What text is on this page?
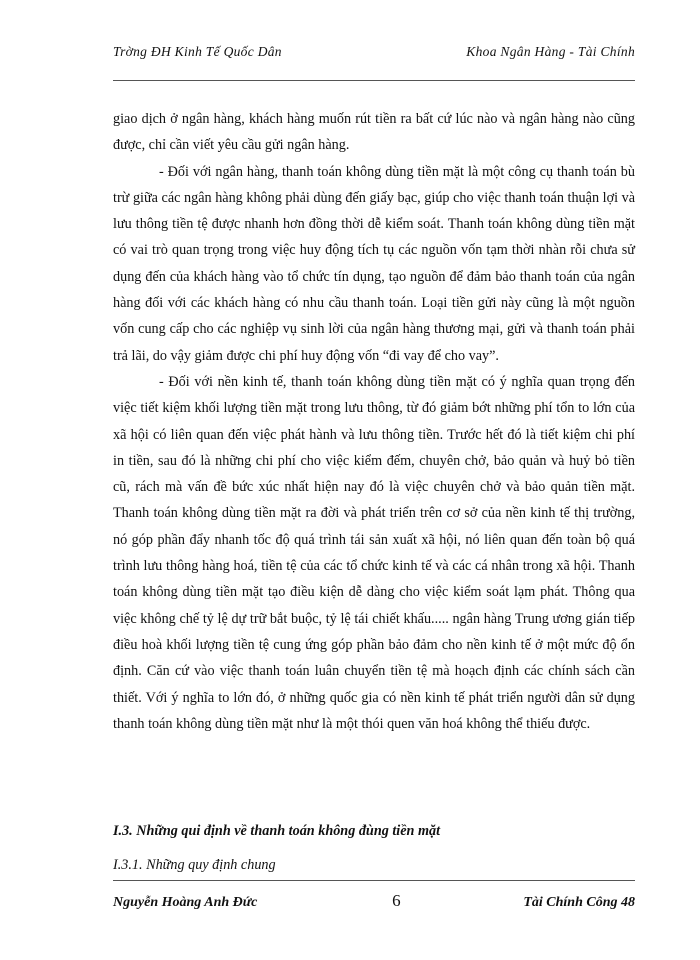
Trờng ĐH Kinh Tế Quốc Dân	Khoa Ngân Hàng - Tài Chính

giao dịch ở ngân hàng, khách hàng muốn rút tiền ra bất cứ lúc nào và ngân hàng nào cũng được, chỉ cần viết yêu cầu gửi ngân hàng.

- Đối với ngân hàng, thanh toán không dùng tiền mặt là một công cụ thanh toán bù trừ giữa các ngân hàng không phải dùng đến giấy bạc, giúp cho việc thanh toán thuận lợi và lưu thông tiền tệ được nhanh hơn đồng thời dễ kiểm soát. Thanh toán không dùng tiền mặt có vai trò quan trọng trong việc huy động tích tụ các nguồn vốn tạm thời nhàn rỗi chưa sử dụng đến của khách hàng vào tổ chức tín dụng, tạo nguồn để đảm bảo thanh toán của ngân hàng đối với các khách hàng có nhu cầu thanh toán. Loại tiền gửi này cũng là một nguồn vốn cung cấp cho các nghiệp vụ sinh lời của ngân hàng thương mại, gửi và thanh toán phải trả lãi, do vậy giảm được chi phí huy động vốn “đi vay để cho vay”.

- Đối với nền kinh tế, thanh toán không dùng tiền mặt có ý nghĩa quan trọng đến việc tiết kiệm khối lượng tiền mặt trong lưu thông, từ đó giảm bớt những phí tổn to lớn của xã hội có liên quan đến việc phát hành và lưu thông tiền. Trước hết đó là tiết kiệm chi phí in tiền, sau đó là những chi phí cho việc kiểm đếm, chuyên chở, bảo quản và huỷ bỏ tiền cũ, rách mà vấn đề bức xúc nhất hiện nay đó là việc chuyên chở và bảo quản tiền mặt. Thanh toán không dùng tiền mặt ra đời và phát triển trên cơ sở của nền kinh tế thị trường, nó góp phần đẩy nhanh tốc độ quá trình tái sản xuất xã hội, nó liên quan đến toàn bộ quá trình lưu thông hàng hoá, tiền tệ của các tổ chức kinh tế và các cá nhân trong xã hội. Thanh toán không dùng tiền mặt tạo điều kiện dễ dàng cho việc kiểm soát lạm phát. Thông qua việc không chế tỷ lệ dự trữ bắt buộc, tỷ lệ tái chiết khấu..... ngân hàng Trung ương gián tiếp điều hoà khối lượng tiền tệ cung ứng góp phần bảo đảm cho nền kinh tế ở một mức độ ổn định. Căn cứ vào việc thanh toán luân chuyển tiền tệ mà hoạch định các chính sách cần thiết. Với ý nghĩa to lớn đó, ở những quốc gia có nền kinh tế phát triển người dân sử dụng thanh toán không dùng tiền mặt như là một thói quen văn hoá không thể thiếu được.

I.3. Những qui định về thanh toán không đùng tiền mặt
I.3.1. Những quy định chung
Nguyễn Hoàng Anh Đức	6	Tài Chính Công 48
